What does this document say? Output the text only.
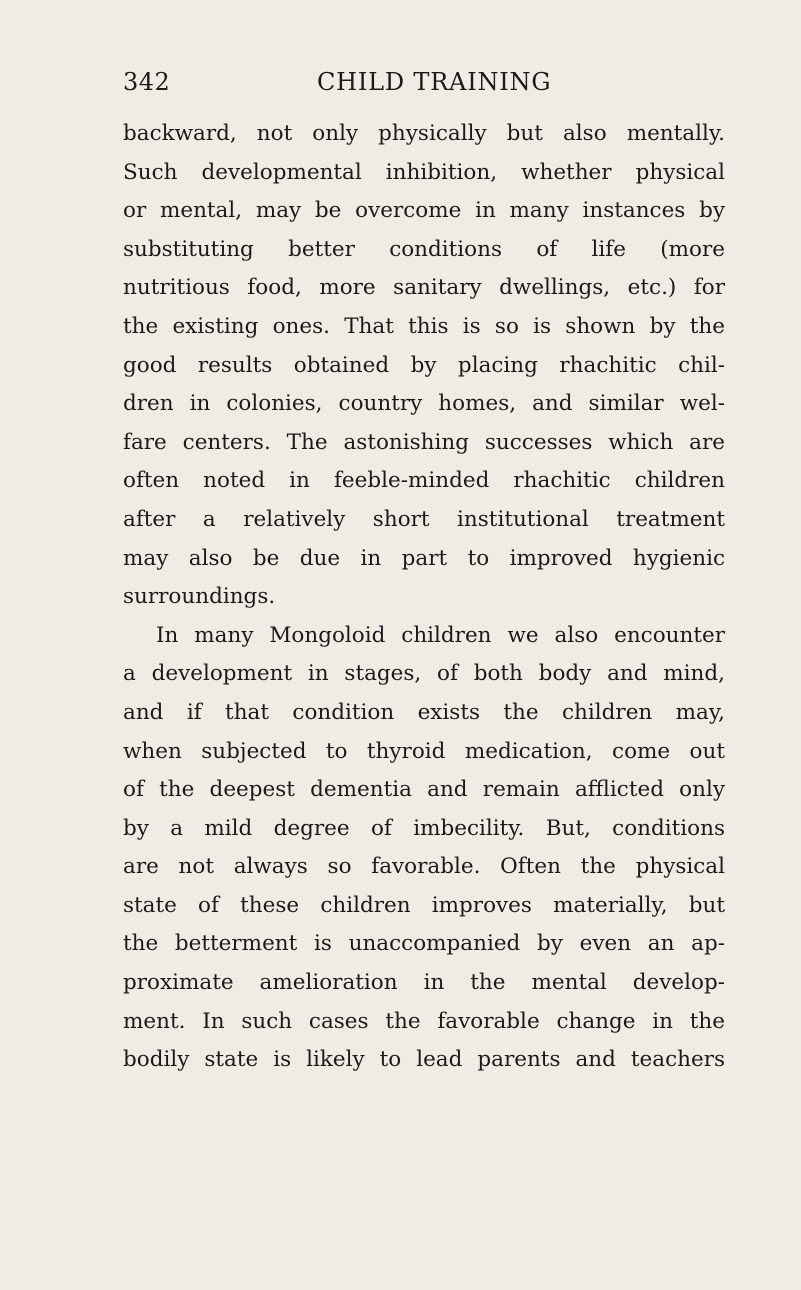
342	CHILD TRAINING
backward, not only physically but also mentally.
Such developmental inhibition, whether physical
or mental, may be overcome in many instances by
substituting better conditions of life (more
nutritious food, more sanitary dwellings, etc.) for
the existing ones. That this is so is shown by the
good results obtained by placing rhachitic chil-
dren in colonies, country homes, and similar wel-
fare centers. The astonishing successes which are
often noted in feeble-minded rhachitic children
after a relatively short institutional treatment
may also be due in part to improved hygienic
surroundings.
In many Mongoloid children we also encounter
a development in stages, of both body and mind,
and if that condition exists the children may,
when subjected to thyroid medication, come out
of the deepest dementia and remain afflicted only
by a mild degree of imbecility. But, conditions
are not always so favorable. Often the physical
state of these children improves materially, but
the betterment is unaccompanied by even an ap-
proximate amelioration in the mental develop-
ment. In such cases the favorable change in the
bodily state is likely to lead parents and teachers
